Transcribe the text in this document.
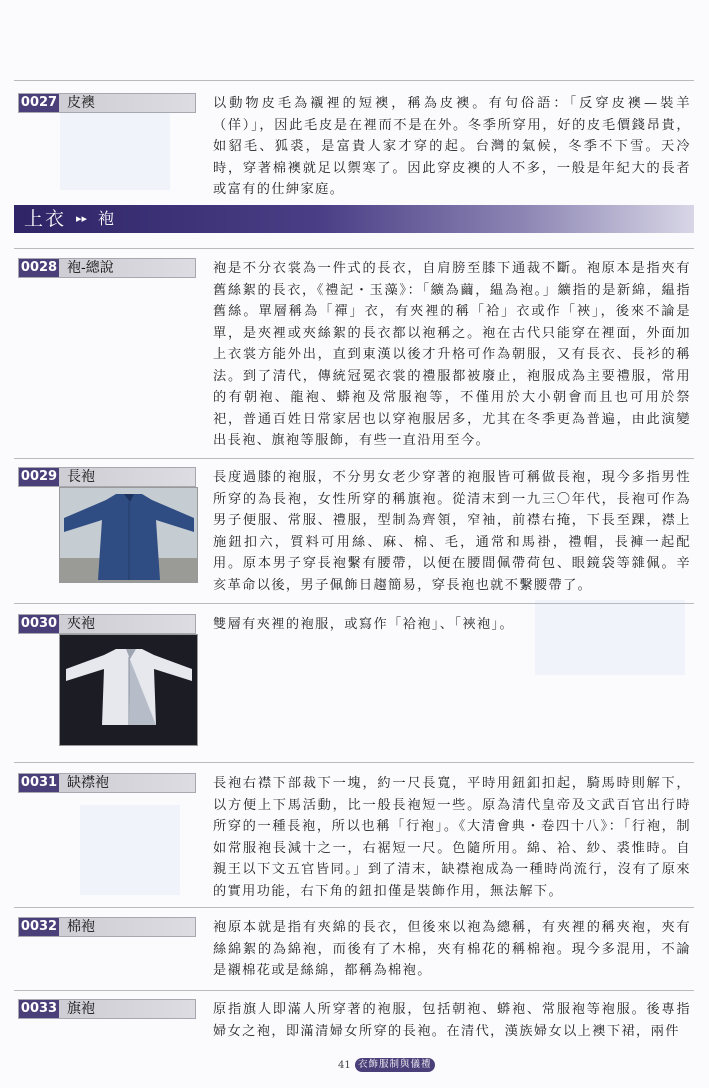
0027 皮襖	以動物皮毛為襯裡的短襖，稱為皮襖。有句俗語：「反穿皮襖—裝羊（佯）」，因此毛皮是在裡而不是在外。冬季所穿用，好的皮毛價錢昂貴，如貂毛、狐裘，是富貴人家才穿的起。台灣的氣候，冬季不下雪。天冷時，穿著棉襖就足以禦寒了。因此穿皮襖的人不多，一般是年紀大的長者或富有的仕紳家庭。
上衣 ▸▸ 袍
0028 袍-總說	袍是不分衣裳為一件式的長衣，自肩膀至膝下通裁不斷。袍原本是指夾有舊絲絮的長衣，《禮記・玉藻》：「纊為繭，緼為袍。」纊指的是新綿，緼指舊絲。單層稱為「禪」衣，有夾裡的稱「袷」衣或作「裌」，後來不論是單，是夾裡或夾絲絮的長衣都以袍稱之。袍在古代只能穿在裡面，外面加上衣裳方能外出，直到東漢以後才升格可作為朝服，又有長衣、長衫的稱法。到了清代，傳統冠冕衣裳的禮服都被廢止，袍服成為主要禮服，常用的有朝袍、龍袍、蟒袍及常服袍等，不僅用於大小朝會而且也可用於祭祀，普通百姓日常家居也以穿袍服居多，尤其在冬季更為普遍，由此演變出長袍、旗袍等服飾，有些一直沿用至今。
0029 長袍	長度過膝的袍服，不分男女老少穿著的袍服皆可稱做長袍，現今多指男性所穿的為長袍，女性所穿的稱旗袍。從清末到一九三〇年代，長袍可作為男子便服、常服、禮服，型制為齊領，窄袖，前襟右掩，下長至踝，襟上施鈕扣六，質料可用絲、麻、棉、毛，通常和馬褂，禮帽，長褲一起配用。原本男子穿長袍繫有腰帶，以便在腰間佩帶荷包、眼鏡袋等雜佩。辛亥革命以後，男子佩飾日趨簡易，穿長袍也就不繫腰帶了。
0030 夾袍	雙層有夾裡的袍服，或寫作「袷袍」、「裌袍」。
0031 缺襟袍	長袍右襟下部裁下一塊，約一尺長寬，平時用鈕釦扣起，騎馬時則解下，以方便上下馬活動，比一般長袍短一些。原為清代皇帝及文武百官出行時所穿的一種長袍，所以也稱「行袍」。《大清會典・卷四十八》：「行袍，制如常服袍長減十之一，右裾短一尺。色隨所用。綿、袷、紗、裘惟時。自親王以下文五官皆同。」到了清末，缺襟袍成為一種時尚流行，沒有了原來的實用功能，右下角的鈕扣僅是裝飾作用，無法解下。
0032 棉袍	袍原本就是指有夾綿的長衣，但後來以袍為總稱，有夾裡的稱夾袍，夾有絲綿絮的為綿袍，而後有了木棉，夾有棉花的稱棉袍。現今多混用，不論是襯棉花或是絲綿，都稱為棉袍。
0033 旗袍	原指旗人即滿人所穿著的袍服，包括朝袍、蟒袍、常服袍等袍服。後專指婦女之袍，即滿清婦女所穿的長袍。在清代，漢族婦女以上襖下裙，兩件
41 衣飾服制與儀禮
